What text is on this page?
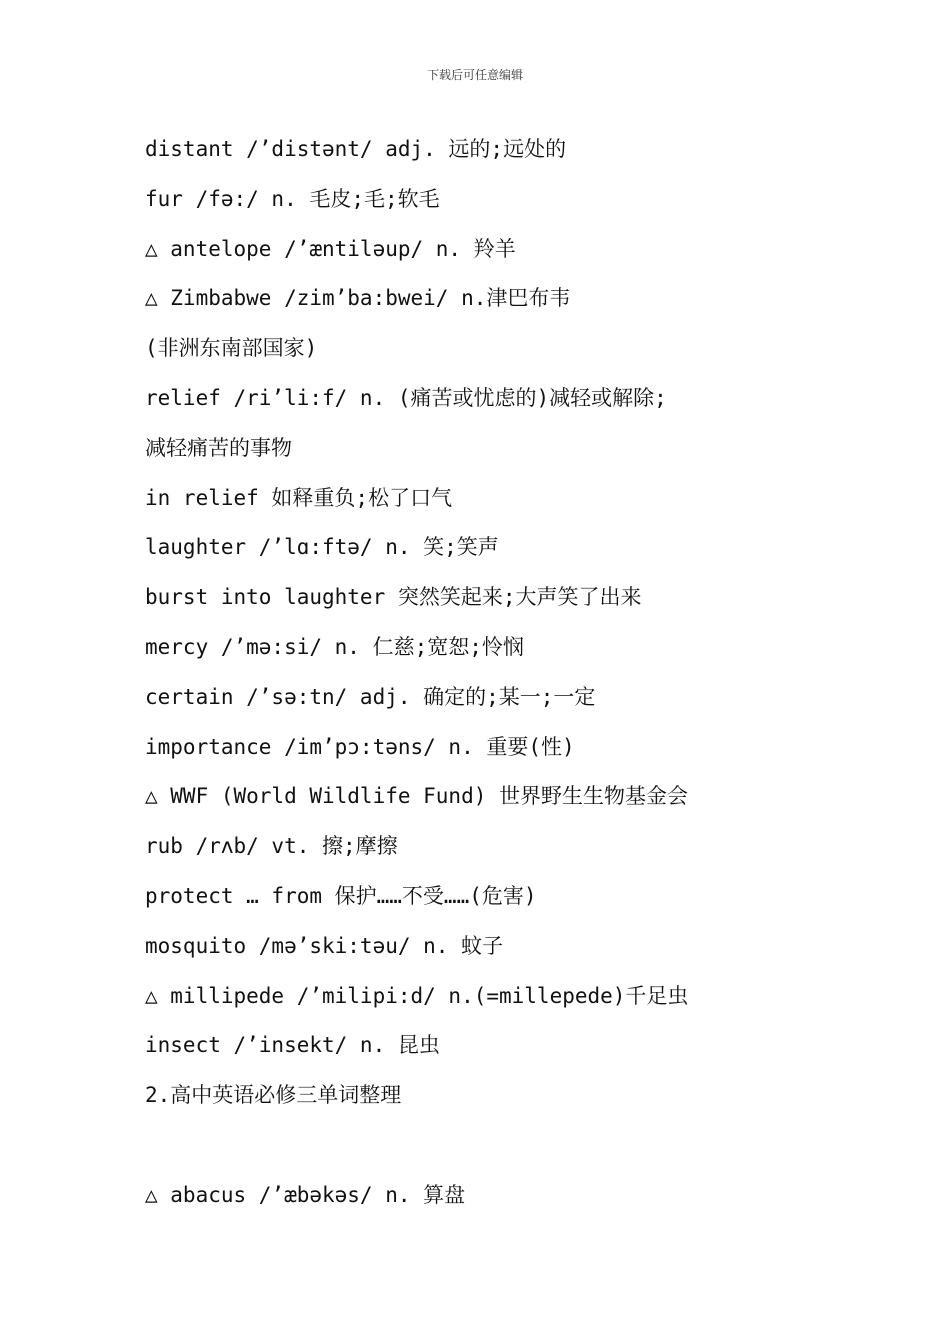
下载后可任意编辑
distant /’distənt/ adj. 远的;远处的
fur /fə:/ n. 毛皮;毛;软毛
△ antelope /’æntiləup/ n. 羚羊
△ Zimbabwe /zim’ba:bwei/ n.津巴布韦
(非洲东南部国家)
relief /ri’li:f/ n. (痛苦或忧虑的)减轻或解除;
减轻痛苦的事物
in relief 如释重负;松了口气
laughter /’lɑ:ftə/ n. 笑;笑声
burst into laughter 突然笑起来;大声笑了出来
mercy /’mə:si/ n. 仁慈;宽恕;怜悯
certain /’sə:tn/ adj. 确定的;某一;一定
importance /im’pɔ:təns/ n. 重要(性)
△ WWF (World Wildlife Fund) 世界野生生物基金会
rub /rʌb/ vt. 擦;摩擦
protect … from 保护……不受……(危害)
mosquito /mə’ski:təu/ n. 蚊子
△ millipede /’milipi:d/ n.(=millepede)千足虫
insect /’insekt/ n. 昆虫
2.高中英语必修三单词整理
△ abacus /’æbəkəs/ n. 算盘
